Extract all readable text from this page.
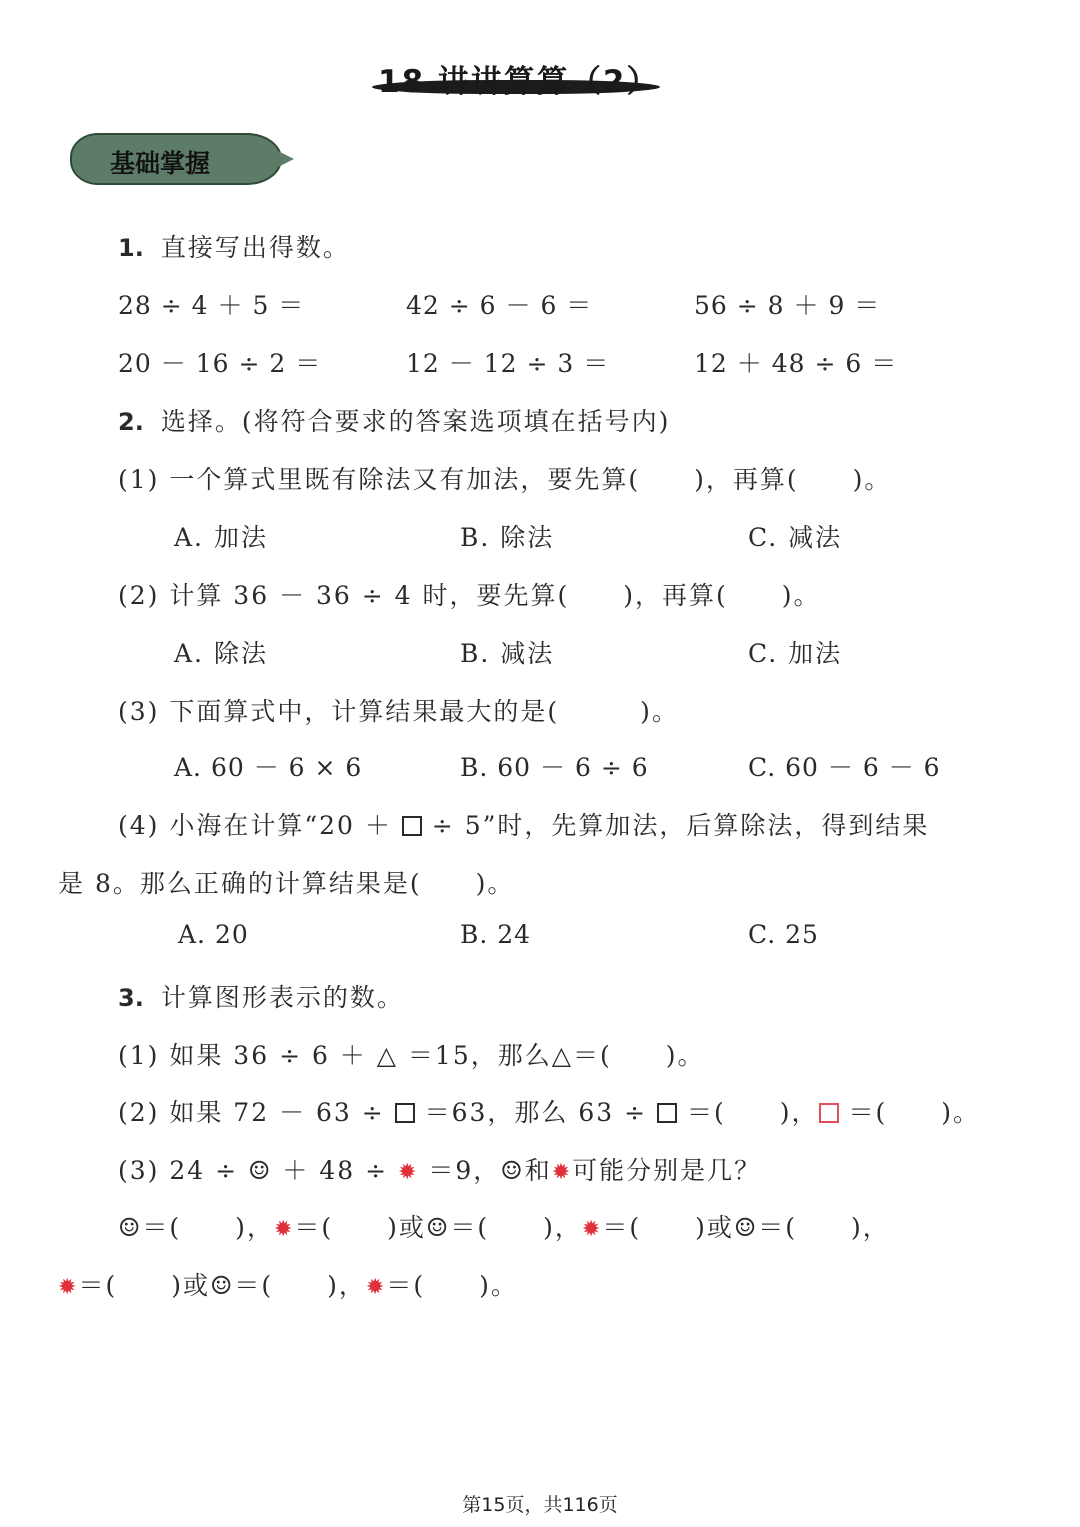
18 讲讲算算（2）
基础掌握
1. 直接写出得数。
28 ÷ 4 ＋ 5 ＝	42 ÷ 6 － 6 ＝	56 ÷ 8 ＋ 9 ＝
20 － 16 ÷ 2 ＝	12 － 12 ÷ 3 ＝	12 ＋ 48 ÷ 6 ＝
2. 选择。(将符合要求的答案选项填在括号内)
(1) 一个算式里既有除法又有加法，要先算(　　)，再算(　　)。
A. 加法	B. 除法	C. 减法
(2) 计算 36 － 36 ÷ 4 时，要先算(　　)，再算(　　)。
A. 除法	B. 减法	C. 加法
(3) 下面算式中，计算结果最大的是(　　　)。
A. 60 － 6 × 6	B. 60 － 6 ÷ 6	C. 60 － 6 － 6
(4) 小海在计算“20 ＋  ÷ 5”时，先算加法，后算除法，得到结果
是 8。那么正确的计算结果是(　　)。
A. 20	B. 24	C. 25
3. 计算图形表示的数。
(1) 如果 36 ÷ 6 ＋ △ ＝15，那么△＝(　　)。
(2) 如果 72 － 63 ÷  ＝63，那么 63 ÷  ＝(　　)， ＝(　　)。
(3) 24 ÷ ☺ ＋ 48 ÷ ✹ ＝9，☺和✹可能分别是几？
☺＝(　　)，✹＝(　　)或☺＝(　　)，✹＝(　　)或☺＝(　　)，
✹＝(　　)或☺＝(　　)，✹＝(　　)。
第15页，共116页
